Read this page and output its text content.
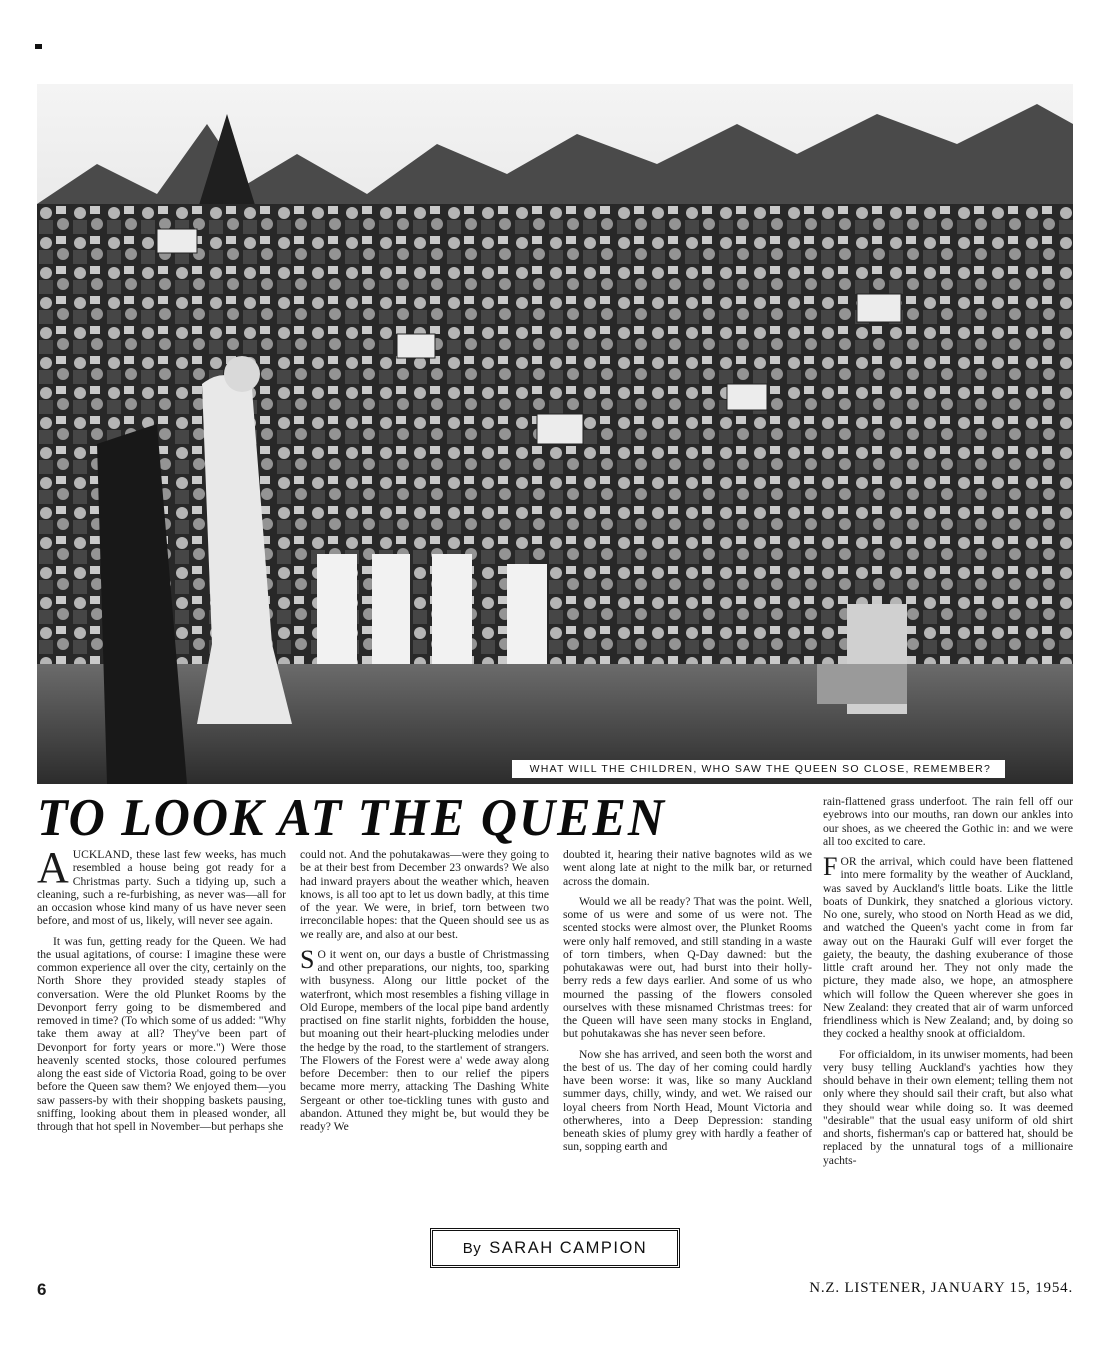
WHAT WILL THE CHILDREN, WHO SAW THE QUEEN SO CLOSE, REMEMBER?
TO LOOK AT THE QUEEN

AUCKLAND, these last few weeks, has much resembled a house being got ready for a Christmas party. Such a tidying up, such a cleaning, such a re-furbishing, as never was—all for an occasion whose kind many of us have never seen before, and most of us, likely, will never see again.

It was fun, getting ready for the Queen. We had the usual agitations, of course: I imagine these were common experience all over the city, certainly on the North Shore they provided steady staples of conversation. Were the old Plunket Rooms by the Devonport ferry going to be dismembered and removed in time? (To which some of us added: "Why take them away at all? They've been part of Devonport for forty years or more.") Were those heavenly scented stocks, those coloured perfumes along the east side of Victoria Road, going to be over before the Queen saw them? We enjoyed them—you saw passers-by with their shopping baskets pausing, sniffing, looking about them in pleased wonder, all through that hot spell in November—but perhaps she

could not. And the pohutakawas—were they going to be at their best from December 23 onwards? We also had inward prayers about the weather which, heaven knows, is all too apt to let us down badly, at this time of the year. We were, in brief, torn between two irreconcilable hopes: that the Queen should see us as we really are, and also at our best.

S O it went on, our days a bustle of Christmassing and other preparations, our nights, too, sparking with busyness. Along our little pocket of the waterfront, which most resembles a fishing village in Old Europe, members of the local pipe band ardently practised on fine starlit nights, forbidden the house, but moaning out their heart-plucking melodies under the hedge by the road, to the startlement of strangers. The Flowers of the Forest were a' wede away along before December: then to our relief the pipers became more merry, attacking The Dashing White Sergeant or other toe-tickling tunes with gusto and abandon. Attuned they might be, but would they be ready? We

doubted it, hearing their native bagnotes wild as we went along late at night to the milk bar, or returned across the domain.

Would we all be ready? That was the point. Well, some of us were and some of us were not. The scented stocks were almost over, the Plunket Rooms were only half removed, and still standing in a waste of torn timbers, when Q-Day dawned: but the pohutakawas were out, had burst into their holly-berry reds a few days earlier. And some of us who mourned the passing of the flowers consoled ourselves with these misnamed Christmas trees: for the Queen will have seen many stocks in England, but pohutakawas she has never seen before.

Now she has arrived, and seen both the worst and the best of us. The day of her coming could hardly have been worse: it was, like so many Auckland summer days, chilly, windy, and wet. We raised our loyal cheers from North Head, Mount Victoria and otherwheres, into a Deep Depression: standing beneath skies of plumy grey with hardly a feather of sun, sopping earth and

rain-flattened grass underfoot. The rain fell off our eyebrows into our mouths, ran down our ankles into our shoes, as we cheered the Gothic in: and we were all too excited to care.

FOR the arrival, which could have been flattened into mere formality by the weather of Auckland, was saved by Auckland's little boats. Like the little boats of Dunkirk, they snatched a glorious victory. No one, surely, who stood on North Head as we did, and watched the Queen's yacht come in from far away out on the Hauraki Gulf will ever forget the gaiety, the beauty, the dashing exuberance of those little craft around her. They not only made the picture, they made also, we hope, an atmosphere which will follow the Queen wherever she goes in New Zealand: they created that air of warm unforced friendliness which is New Zealand; and, by doing so they cocked a healthy snook at officialdom.

For officialdom, in its unwiser moments, had been very busy telling Auckland's yachties how they should behave in their own element; telling them not only where they should sail their craft, but also what they should wear while doing so. It was deemed "desirable" that the usual easy uniform of old shirt and shorts, fisherman's cap or battered hat, should be replaced by the unnatural togs of a millionaire yachts-

By SARAH CAMPION
6	N.Z. LISTENER, JANUARY 15, 1954.
